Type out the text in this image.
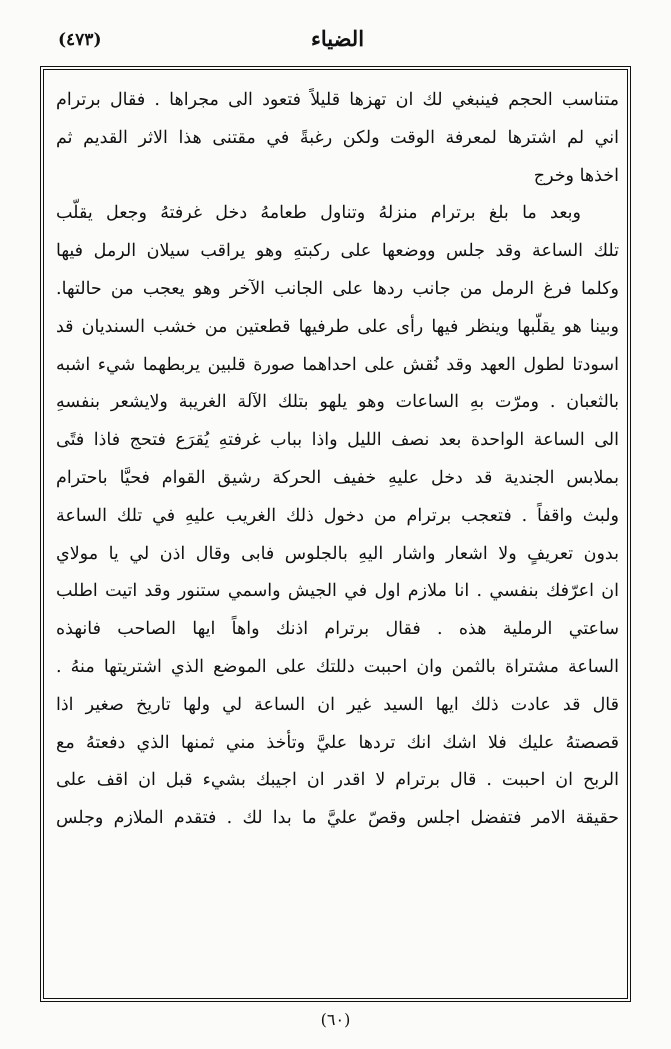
(٤٧٣)	الضياء
متناسب الحجم فينبغي لك ان تهزها قليلاً فتعود الى مجراها . فقال برترام
اني لم اشترها لمعرفة الوقت ولكن رغبةً في مقتنى هذا الاثر القديم ثم
اخذها وخرج
وبعد ما بلغ برترام منزلهُ وتناول طعامهُ دخل غرفتهُ وجعل يقلّب
تلك الساعة وقد جلس ووضعها على ركبتهِ وهو يراقب سيلان الرمل فيها
وكلما فرغ الرمل من جانب ردها على الجانب الآخر وهو يعجب من حالتها.
وبينا هو يقلّبها وينظر فيها رأى على طرفيها قطعتين من خشب السنديان قد
اسودتا لطول العهد وقد نُقش على احداهما صورة قلبين يربطهما شيء اشبه
بالثعبان . ومرّت بهِ الساعات وهو يلهو بتلك الآلة الغريبة ولايشعر بنفسهِ
الى الساعة الواحدة بعد نصف الليل واذا بباب غرفتهِ يُقرَع فتحج فاذا فتًى
بملابس الجندية قد دخل عليهِ خفيف الحركة رشيق القوام فحيَّا باحترام
ولبث واقفاً . فتعجب برترام من دخول ذلك الغريب عليهِ في تلك الساعة
بدون تعريفٍ ولا اشعار واشار اليهِ بالجلوس فابى وقال اذن لي يا مولاي
ان اعرّفك بنفسي . انا ملازم اول في الجيش واسمي ستنور وقد اتيت اطلب
ساعتي الرملية هذه . فقال برترام اذنك واهاً ايها الصاحب فانهذه
الساعة مشتراة بالثمن وان احببت دللتك على الموضع الذي اشتريتها منهُ .
قال قد عادت ذلك ايها السيد غير ان الساعة لي ولها تاريخ صغير اذا
قصصتهُ عليك فلا اشك انك تردها عليَّ وتأخذ مني ثمنها الذي دفعتهُ مع
الربح ان احببت . قال برترام لا اقدر ان اجيبك بشيء قبل ان اقف على
حقيقة الامر فتفضل اجلس وقصّ عليَّ ما بدا لك . فتقدم الملازم وجلس
(٦٠)
